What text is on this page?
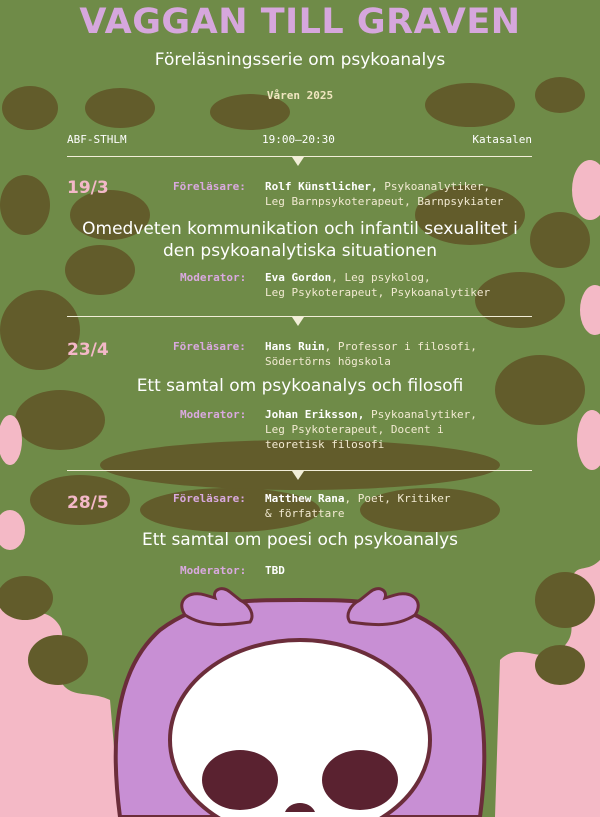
VAGGAN TILL GRAVEN
Föreläsningsserie om psykoanalys
Våren 2025
ABF-STHLM	19:00–20:30	Katasalen
19/3	Föreläsare: Rolf Künstlicher, Psykoanalytiker,
Leg Barnpsykoterapeut, Barnpsykiater
Omedveten kommunikation och infantil sexualitet i
den psykoanalytiska situationen
Moderator: Eva Gordon, Leg psykolog,
Leg Psykoterapeut, Psykoanalytiker
23/4	Föreläsare: Hans Ruin, Professor i filosofi,
Södertörns högskola
Ett samtal om psykoanalys och filosofi
Moderator: Johan Eriksson, Psykoanalytiker,
Leg Psykoterapeut, Docent i
teoretisk filosofi
28/5	Föreläsare: Matthew Rana, Poet, Kritiker
& författare
Ett samtal om poesi och psykoanalys
Moderator: TBD
